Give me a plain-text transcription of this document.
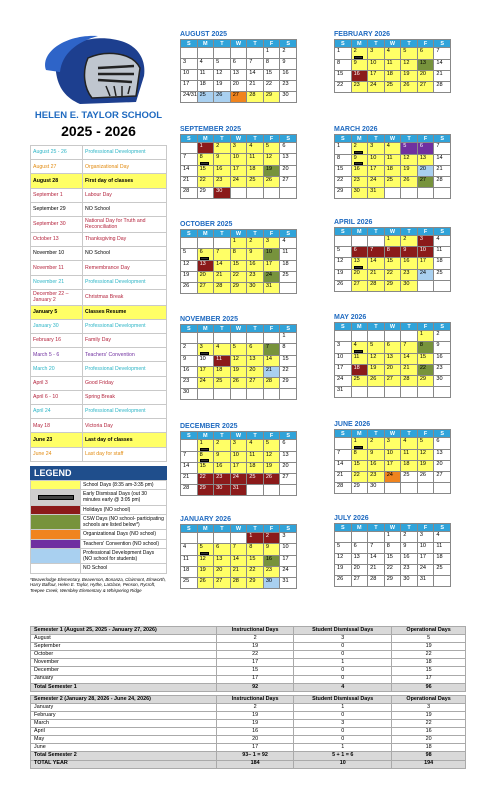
HELEN E. TAYLOR SCHOOL
2025 - 2026
August 25 - 26	Professional Development
August 27	Organizational Day
August 28	First day of classes
September 1	Labour Day
September 29	NO School
September 30	National Day for Truth and Reconciliation
October 13	Thanksgiving Day
November 10	NO School
November 11	Remembrance Day
November 21	Professional Development
December 22 – January 2	Christmas Break
January 5	Classes Resume
January 30	Professional Development
February 16	Family Day
March 5 - 6	Teachers' Convention
March 20	Professional Development
April 3	Good Friday
April 6 - 10	Spring Break
April 24	Professional Development
May 18	Victoria Day
June 23	Last day of classes
June 24	Last day for staff
LEGEND
	School Days (8:35 am-3:35 pm)

	Early Dismissal Days (out 30 minutes early @ 3:05 pm)
	Holidays (NO school)
	CSW Days (NO school- participating schools are listed below*)
	Organizational Days (NO school)
	Teachers' Convention (NO school)
	Professional Development Days (NO school for students)
	NO School
*Beaverlodge Elementary, Beaverson, Bonanza, Clairmont, Elmworth, Harry Balfour, Helen E. Taylor, Hythe, LaGlace, Penson, Rycroft, Teepee Creek, Wembley Elementary & Whispering Ridge
AUGUST 2025
S	M	T	W	T	F	S
					1	2
3	4	5	6	7	8	9
10	11	12	13	14	15	16
17	18	19	20	21	22	23
24/31	25	26	27	28	29	30
SEPTEMBER 2025
S	M	T	W	T	F	S
	1	2	3	4	5	6
7	8	9	10	11	12	13
14	15	16	17	18	19	20
21	22	23	24	25	26	27
28	29	30				
OCTOBER 2025
S	M	T	W	T	F	S
			1	2	3	4
5	6	7	8	9	10	11
12	13	14	15	16	17	18
19	20	21	22	23	24	25
26	27	28	29	30	31	
NOVEMBER 2025
S	M	T	W	T	F	S
						1
2	3	4	5	6	7	8
9	10	11	12	13	14	15
16	17	18	19	20	21	22
23	24	25	26	27	28	29
30						
DECEMBER 2025
S	M	T	W	T	F	S
	1	2	3	4	5	6
7	8	9	10	11	12	13
14	15	16	17	18	19	20
21	22	23	24	25	26	27
28	29	30	31			
JANUARY 2026
S	M	T	W	T	F	S
				1	2	3
4	5	6	7	8	9	10
11	12	13	14	15	16	17
18	19	20	21	22	23	24
25	26	27	28	29	30	31
FEBRUARY 2026
S	M	T	W	T	F	S
1	2	3	4	5	6	7
8	9	10	11	12	13	14
15	16	17	18	19	20	21
22	23	24	25	26	27	28
MARCH 2026
S	M	T	W	T	F	S
1	2	3	4	5	6	7
8	9	10	11	12	13	14
15	16	17	18	19	20	21
22	23	24	25	26	27	28
29	30	31				
APRIL 2026
S	M	T	W	T	F	S
			1	2	3	4
5	6	7	8	9	10	11
12	13	14	15	16	17	18
19	20	21	22	23	24	25
26	27	28	29	30		
MAY 2026
S	M	T	W	T	F	S
					1	2
3	4	5	6	7	8	9
10	11	12	13	14	15	16
17	18	19	20	21	22	23
24	25	26	27	28	29	30
31						
JUNE 2026
S	M	T	W	T	F	S
	1	2	3	4	5	6
7	8	9	10	11	12	13
14	15	16	17	18	19	20
21	22	23	24	25	26	27
28	29	30				
JULY 2026
S	M	T	W	T	F	S
			1	2	3	4
5	6	7	8	9	10	11
12	13	14	15	16	17	18
19	20	21	22	23	24	25
26	27	28	29	30	31	
Semester 1 (August 25, 2025 - January 27, 2026)	Instructional Days	Student Dismissal Days	Operational Days
August	2	3	5
September	19	0	19
October	22	0	22
November	17	1	18
December	15	0	15
January	17	0	17
Total Semester 1	92	4	96

Semester 2 (January 28, 2026 - June 24, 2026)	Instructional Days	Student Dismissal Days	Operational Days
January	2	1	3
February	19	0	19
March	19	3	22
April	16	0	16
May	20	0	20
June	17	1	18
Total Semester 2	93– 1 = 92	5 + 1 = 6	98
TOTAL YEAR	184	10	194
